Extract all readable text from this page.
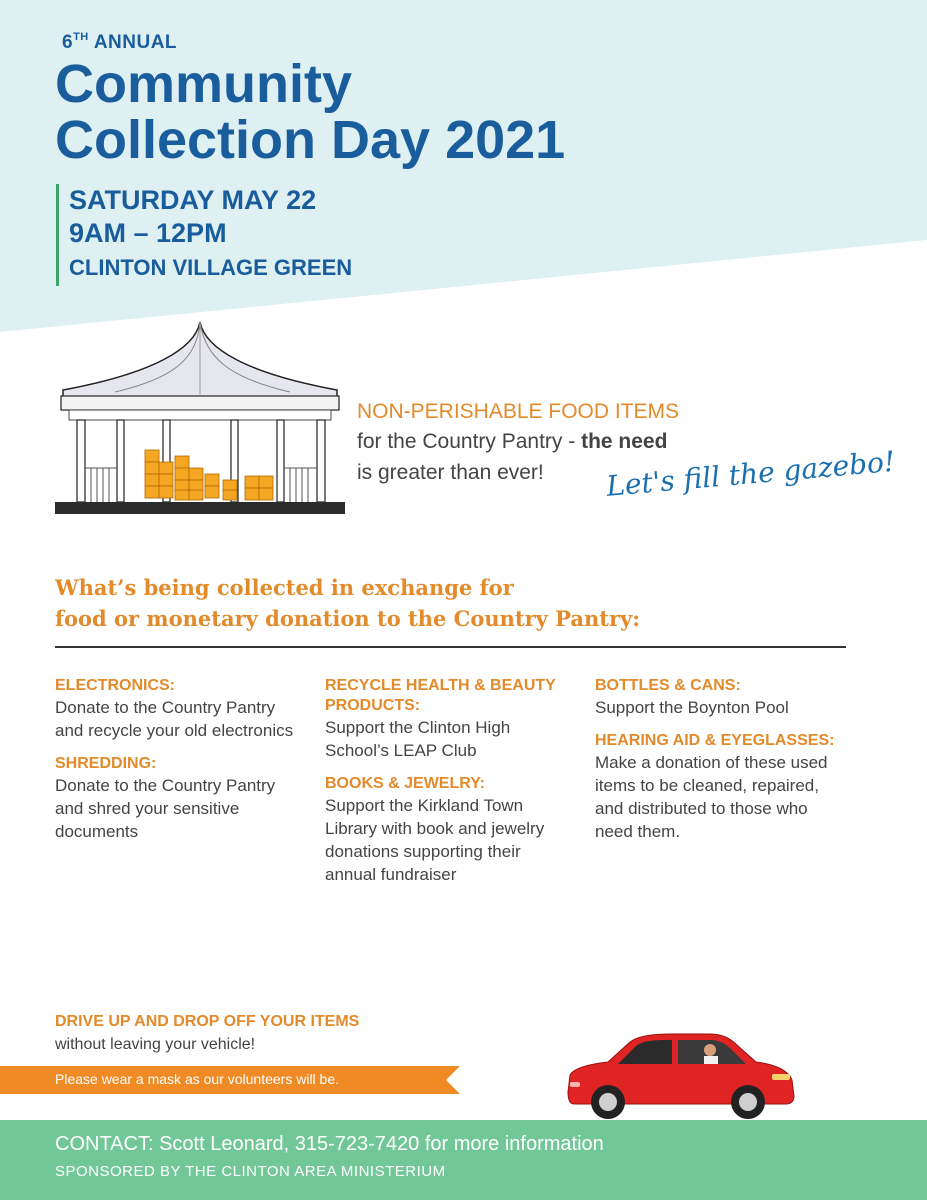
6TH ANNUAL
Community
Collection Day 2021
SATURDAY MAY 22
9AM – 12PM
CLINTON VILLAGE GREEN
NON-PERISHABLE FOOD ITEMS
for the Country Pantry - the need
is greater than ever!	Let's fill the gazebo!
What’s being collected in exchange for
food or monetary donation to the Country Pantry:
ELECTRONICS:
Donate to the Country Pantry and recycle your old electronics
SHREDDING:
Donate to the Country Pantry and shred your sensitive documents
RECYCLE HEALTH & BEAUTY PRODUCTS:
Support the Clinton High School’s LEAP Club
BOOKS & JEWELRY:
Support the Kirkland Town Library with book and jewelry donations supporting their annual fundraiser
BOTTLES & CANS:
Support the Boynton Pool
HEARING AID & EYEGLASSES:
Make a donation of these used items to be cleaned, repaired, and distributed to those who need them.
DRIVE UP AND DROP OFF YOUR ITEMS
without leaving your vehicle!
Please wear a mask as our volunteers will be.
CONTACT: Scott Leonard, 315-723-7420 for more information
SPONSORED BY THE CLINTON AREA MINISTERIUM
